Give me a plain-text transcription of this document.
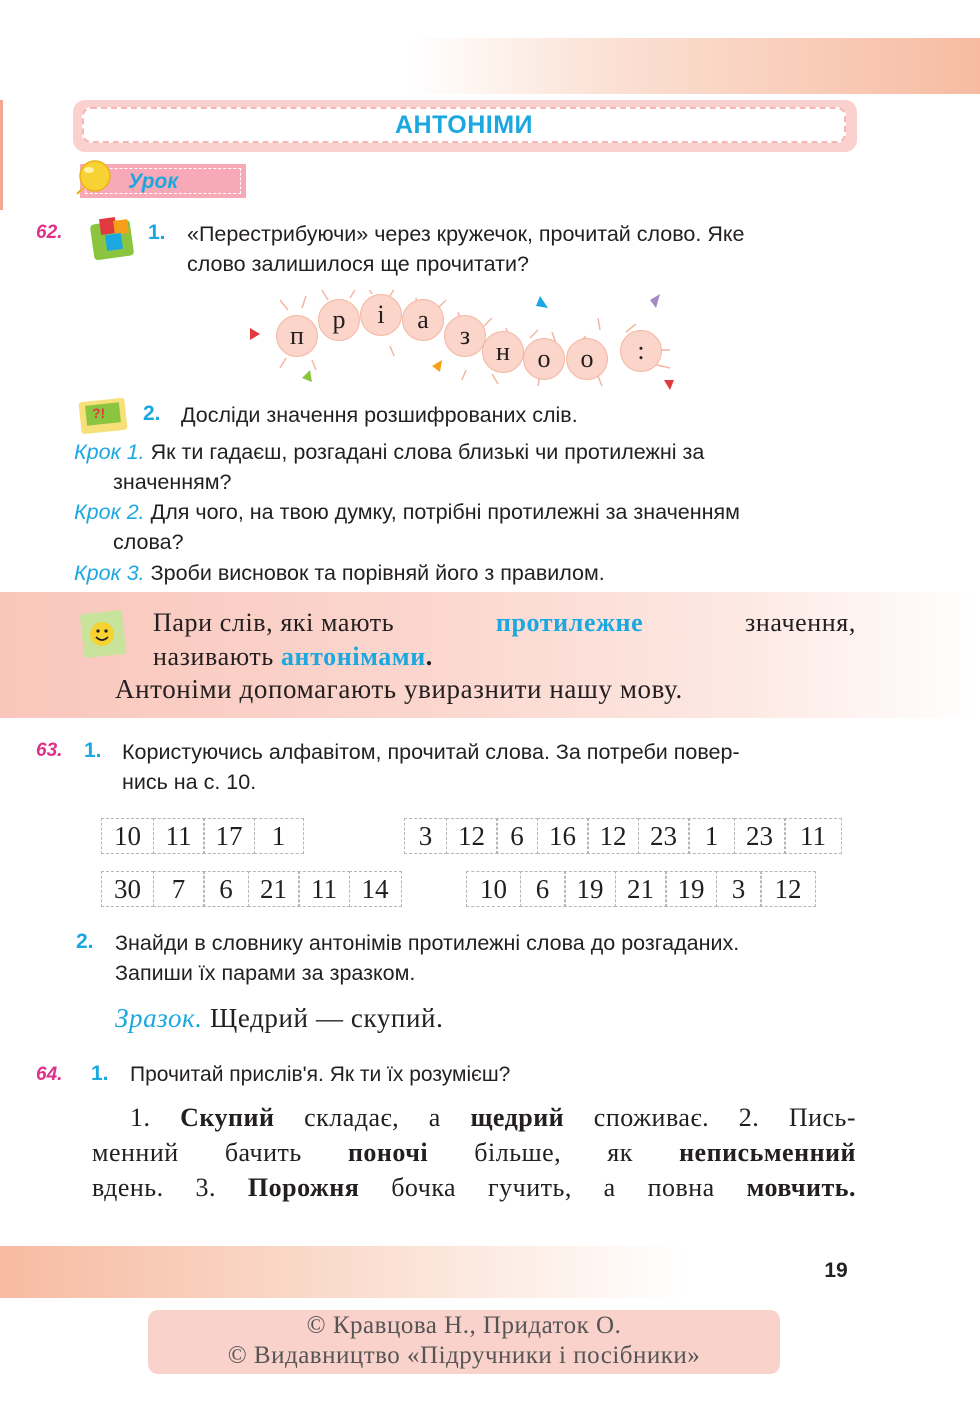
АНТОНІМИ
Урок
62.	1. «Перестрибуючи» через кружечок, прочитай слово. Яке
слово залишилося ще прочитати?
п
р	і	а
з
н	о	о	:
?! 2. Досліди значення розшифрованих слів.
Крок 1. Як ти гадаєш, розгадані слова близькі чи протилежні за
значенням?
Крок 2. Для чого, на твою думку, потрібні протилежні за значенням
слова?
Крок 3. Зроби висновок та порівняй його з правилом.
Пари слів, які мають	протилежне	значення,
називають антонімами.
Антоніми допомагають увиразнити нашу мову.
63. 1. Користуючись алфавітом, прочитай слова. За потреби повер-
нись на с. 10.
10 11 17	1	3 12 6 16 12 23	1	23	11
30	7	6	21 11 14	10	6	19 21 19	3	12
2. Знайди в словнику антонімів протилежні слова до розгаданих.
Запиши їх парами за зразком.
Зразок. Щедрий — скупий.
64. 1. Прочитай прислів'я. Як ти їх розумієш?
1. Скупий складає, а щедрий споживає. 2. Пись-
менний бачить поночі більше, як неписьменний
вдень. 3. Порожня бочка гучить, а повна мовчить.
19
© Кравцова Н., Придаток О.
© Видавництво «Підручники і посібники»
